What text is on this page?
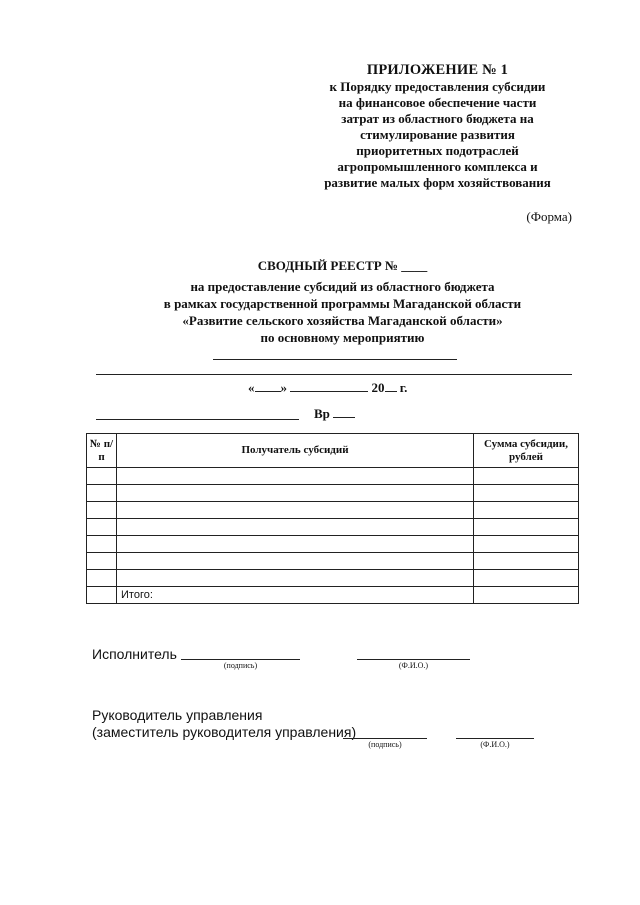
ПРИЛОЖЕНИЕ № 1
к Порядку предоставления субсидии
на финансовое обеспечение части
затрат из областного бюджета на
стимулирование развития
приоритетных подотраслей
агропромышленного комплекса и
развитие малых форм хозяйствования
(Форма)
СВОДНЫЙ РЕЕСТР № ____
на предоставление субсидий из областного бюджета
в рамках государственной программы Магаданской области
«Развитие сельского хозяйства Магаданской области»
по основному мероприятию
« »	20 г.
Вр
№ п/п	Получатель субсидий	Сумма субсидии, рублей

	Итого:	
Исполнитель
(подпись)	(Ф.И.О.)
Руководитель управления
(заместитель руководителя управления)
(подпись)	(Ф.И.О.)
